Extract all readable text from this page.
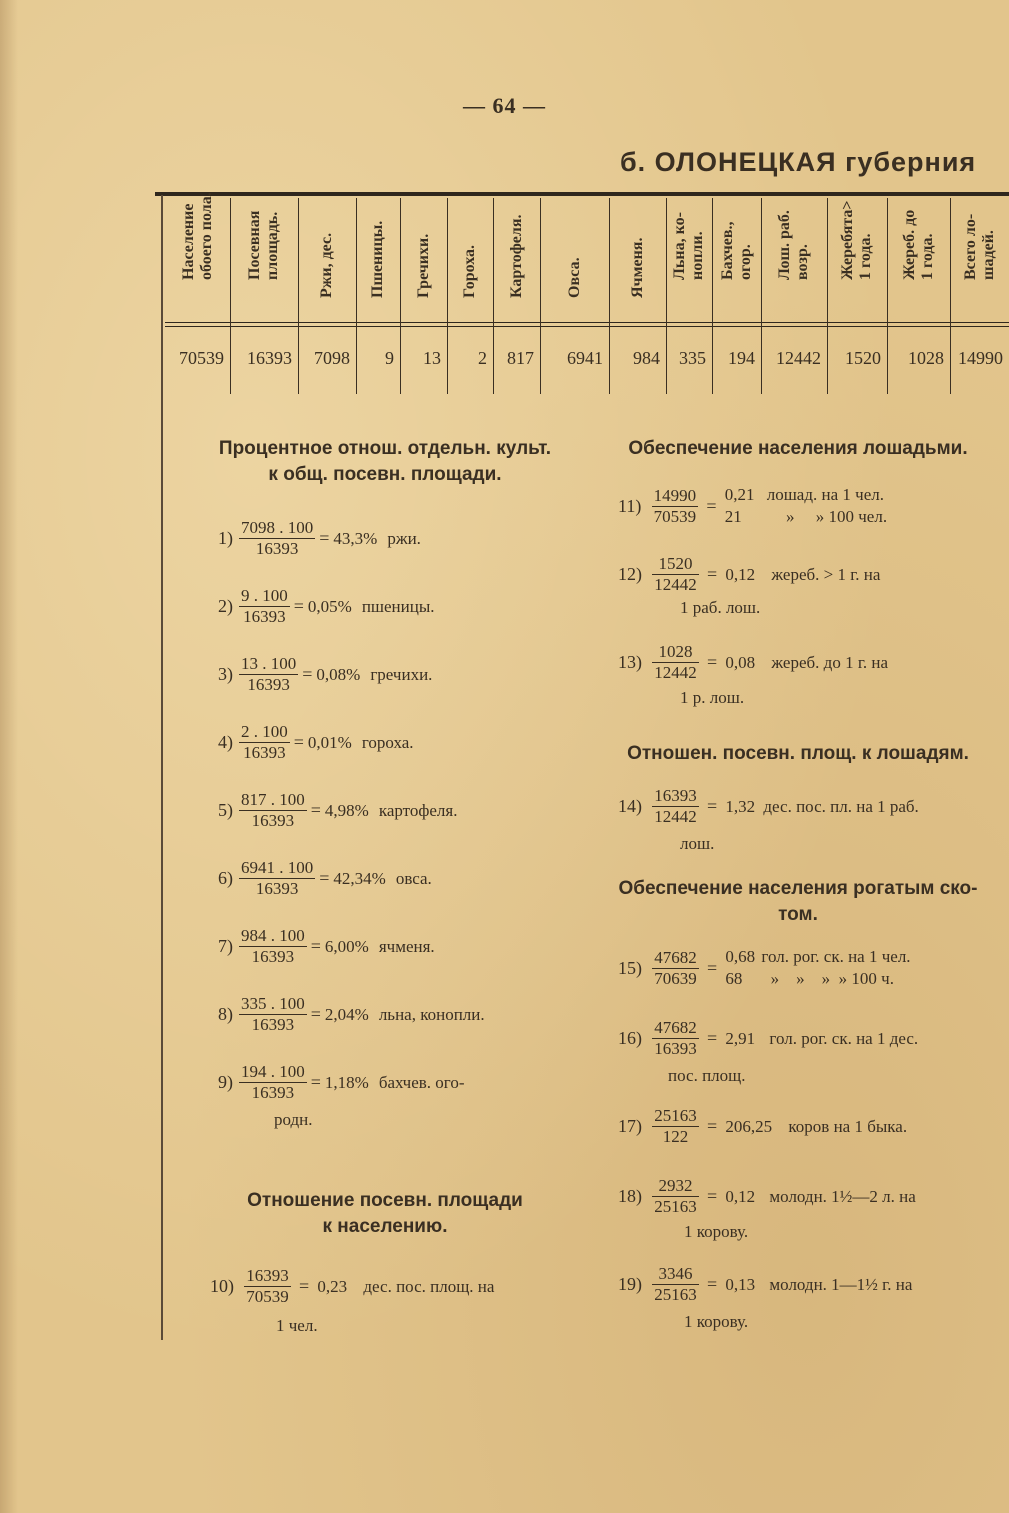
— 64 —
б. ОЛОНЕЦКАЯ губерния
Население
обоего пола.
70539
Посевная
площадь.
16393
Ржи, дес.
7098
Пшеницы.
9
Гречихи.
13
Гороха.
2
Картофеля.
817
Овса.
6941
Ячменя.
984
Льна, ко-
нопли.
335
Бахчев.,
огор.
194
Лош. раб.
возр.
12442
Жеребята>
1 года.
1520
Жереб. до
1 года.
1028
Всего ло-
шадей.
14990
Процентное отнош. отдельн. культ.
к общ. посевн. площади.
$1) \frac{7098 . 100}{16393} = 43,3\%$ ржи.
$2) \frac{9 . 100}{16393} = 0,05\%$ пшеницы.
$3) \frac{13 . 100}{16393} = 0,08\%$ гречихи.
$4) \frac{2 . 100}{16393} = 0,01\%$ гороха.
$5) \frac{817 . 100}{16393} = 4,98\%$ картофеля.
$6) \frac{6941 . 100}{16393} = 42,34\%$ овса.
$7) \frac{984 . 100}{16393} = 6,00\%$ ячменя.
$8) \frac{335 . 100}{16393} = 2,04\%$ льна, конопли.
$9) \frac{194 . 100}{16393} = 1,18\%$ бахчев. ого-
родн.
Отношение посевн. площади
к населению.
$10) \frac{16393}{70539} = 0,23$ дес. пос. площ. на
1 чел.
Обеспечение населения лошадьми.
$11) \frac{14990}{70539}$ =
0,21 лошад. на 1 чел.
21	»     » 100 чел.
$12) \frac{1520}{12442} = 0,12$ жереб. > 1 г. на
1 раб. лош.
$13) \frac{1028}{12442} = 0,08$ жереб. до 1 г. на
1 р. лош.
Отношен. посевн. площ. к лошадям.
$14) \frac{16393}{12442} = 1,32$ дес. пос. пл. на 1 раб.
лош.
Обеспечение населения рогатым ско-
том.
$15) \frac{47682}{70639}$ =
0,68 гол. рог. ск. на 1 чел.
68 »    »    »  » 100 ч.
$16) \frac{47682}{16393} = 2,91$ гол. рог. ск. на 1 дес.
пос. площ.
$17) \frac{25163}{122} = 206,25$ коров на 1 быка.
$18) \frac{2932}{25163} = 0,12$ молодн. 1½—2 л. на
1 корову.
$19) \frac{3346}{25163} = 0,13$ молодн. 1—1½ г. на
1 корову.
